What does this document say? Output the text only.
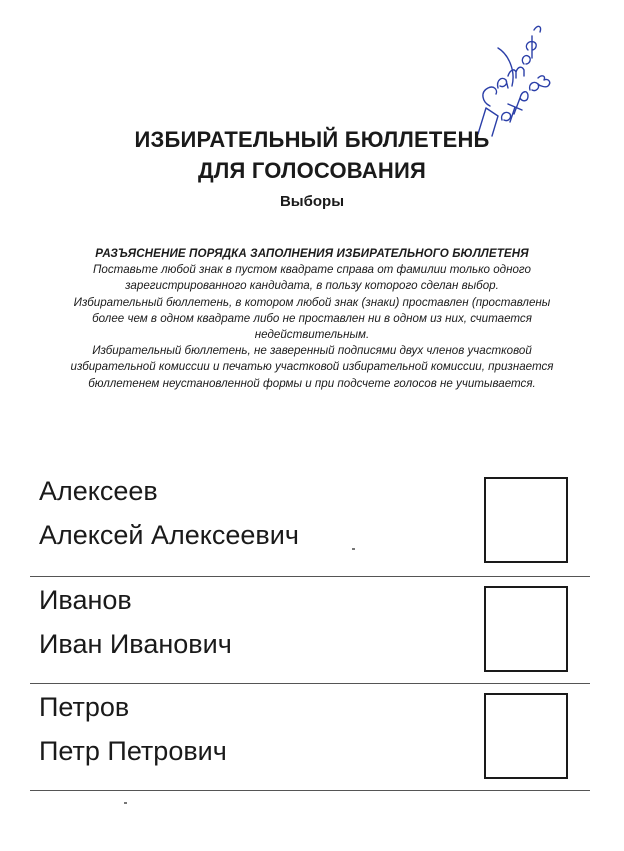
ИЗБИРАТЕЛЬНЫЙ БЮЛЛЕТЕНЬ
ДЛЯ ГОЛОСОВАНИЯ
Выборы
РАЗЪЯСНЕНИЕ ПОРЯДКА ЗАПОЛНЕНИЯ ИЗБИРАТЕЛЬНОГО БЮЛЛЕТЕНЯ
Поставьте любой знак в пустом квадрате справа от фамилии только одного
зарегистрированного кандидата, в пользу которого сделан выбор.
Избирательный бюллетень, в котором любой знак (знаки) проставлен (проставлены
более чем в одном квадрате либо не проставлен ни в одном из них, считается
недействительным.
Избирательный бюллетень, не заверенный подписями двух членов участковой
избирательной комиссии и печатью участковой избирательной комиссии, признается
бюллетенем неустановленной формы и при подсчете голосов не учитывается.
Алексеев
Алексей Алексеевич
Иванов
Иван Иванович
Петров
Петр Петрович
